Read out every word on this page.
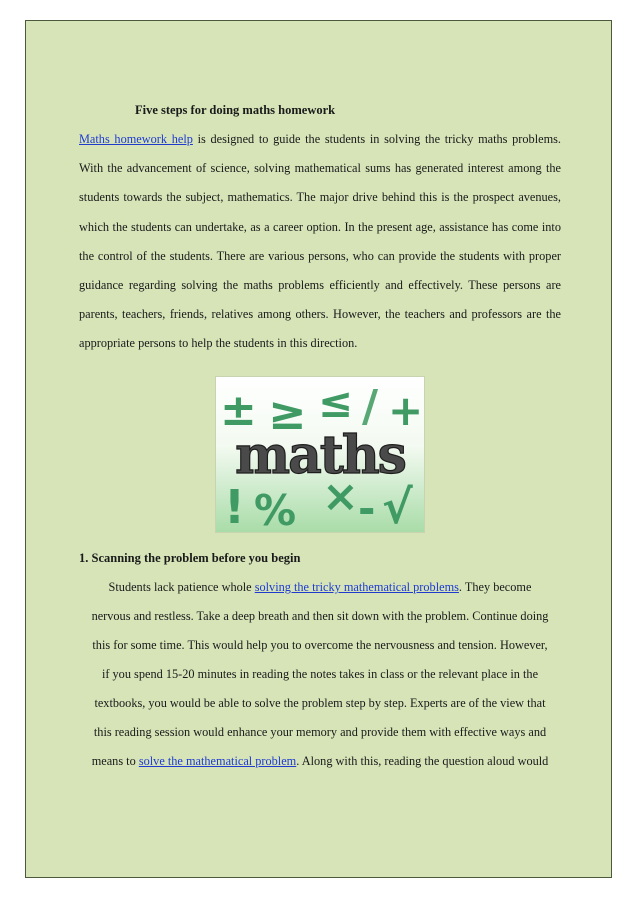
Five steps for doing maths homework
Maths homework help is designed to guide the students in solving the tricky maths problems. With the advancement of science, solving mathematical sums has generated interest among the students towards the subject, mathematics. The major drive behind this is the prospect avenues, which the students can undertake, as a career option. In the present age, assistance has come into the control of the students. There are various persons, who can provide the students with proper guidance regarding solving the maths problems efficiently and effectively. These persons are parents, teachers, friends, relatives among others. However, the teachers and professors are the appropriate persons to help the students in this direction.
± ≥ ≤ / +
maths
! % × - √
1. Scanning the problem before you begin
Students lack patience whole solving the tricky mathematical problems. They become
nervous and restless. Take a deep breath and then sit down with the problem. Continue doing
this for some time. This would help you to overcome the nervousness and tension. However,
if you spend 15-20 minutes in reading the notes takes in class or the relevant place in the
textbooks, you would be able to solve the problem step by step. Experts are of the view that
this reading session would enhance your memory and provide them with effective ways and
means to solve the mathematical problem. Along with this, reading the question aloud would
